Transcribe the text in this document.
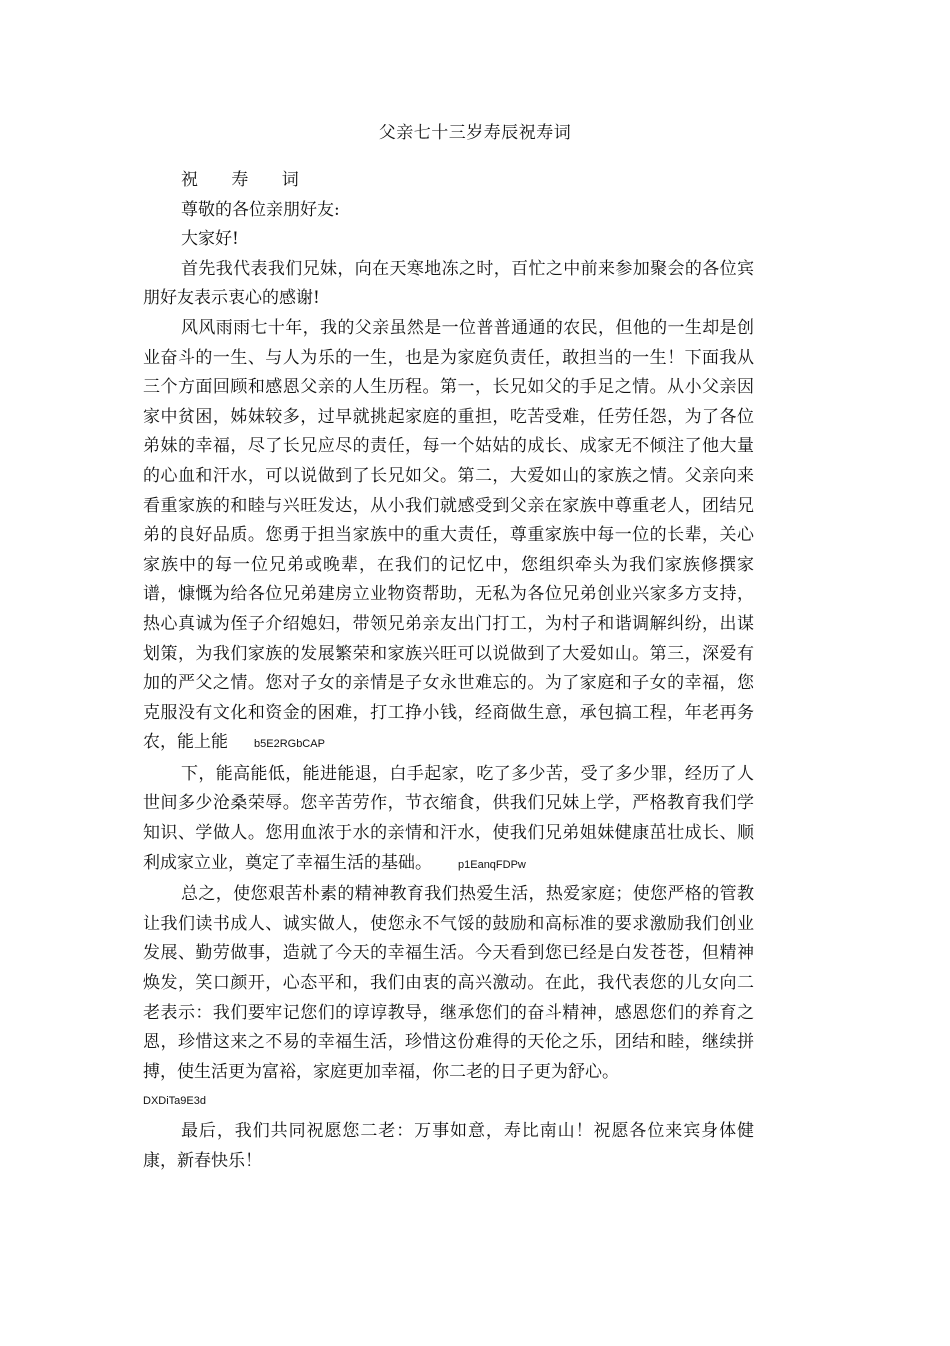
父亲七十三岁寿辰祝寿词

祝 寿 词

尊敬的各位亲朋好友:

大家好!

首先我代表我们兄妹，向在天寒地冻之时，百忙之中前来参加聚会的各位宾朋好友表示衷心的感谢!

风风雨雨七十年，我的父亲虽然是一位普普通通的农民，但他的一生却是创业奋斗的一生、与人为乐的一生，也是为家庭负责任，敢担当的一生！下面我从三个方面回顾和感恩父亲的人生历程。第一，长兄如父的手足之情。从小父亲因家中贫困，姊妹较多，过早就挑起家庭的重担，吃苦受难，任劳任怨，为了各位弟妹的幸福，尽了长兄应尽的责任，每一个姑姑的成长、成家无不倾注了他大量的心血和汗水，可以说做到了长兄如父。第二，大爱如山的家族之情。父亲向来看重家族的和睦与兴旺发达，从小我们就感受到父亲在家族中尊重老人，团结兄弟的良好品质。您勇于担当家族中的重大责任，尊重家族中每一位的长辈，关心家族中的每一位兄弟或晚辈，在我们的记忆中，您组织牵头为我们家族修撰家谱，慷慨为给各位兄弟建房立业物资帮助，无私为各位兄弟创业兴家多方支持，热心真诚为侄子介绍媳妇，带领兄弟亲友出门打工，为村子和谐调解纠纷，出谋划策，为我们家族的发展繁荣和家族兴旺可以说做到了大爱如山。第三，深爱有加的严父之情。您对子女的亲情是子女永世难忘的。为了家庭和子女的幸福，您克服没有文化和资金的困难，打工挣小钱，经商做生意，承包搞工程，年老再务农，能上能 b5E2RGbCAP

下，能高能低，能进能退，白手起家，吃了多少苦，受了多少罪，经历了人世间多少沧桑荣辱。您辛苦劳作，节衣缩食，供我们兄妹上学，严格教育我们学知识、学做人。您用血浓于水的亲情和汗水，使我们兄弟姐妹健康茁壮成长、顺利成家立业，奠定了幸福生活的基础。 p1EanqFDPw

总之，使您艰苦朴素的精神教育我们热爱生活，热爱家庭；使您严格的管教让我们读书成人、诚实做人，使您永不气馁的鼓励和高标准的要求激励我们创业发展、勤劳做事，造就了今天的幸福生活。今天看到您已经是白发苍苍，但精神焕发，笑口颜开，心态平和，我们由衷的高兴激动。在此，我代表您的儿女向二老表示：我们要牢记您们的谆谆教导，继承您们的奋斗精神，感恩您们的养育之恩，珍惜这来之不易的幸福生活，珍惜这份难得的天伦之乐，团结和睦，继续拼搏，使生活更为富裕，家庭更加幸福，你二老的日子更为舒心。

DXDiTa9E3d

最后，我们共同祝愿您二老：万事如意，寿比南山！祝愿各位来宾身体健康，新春快乐！
